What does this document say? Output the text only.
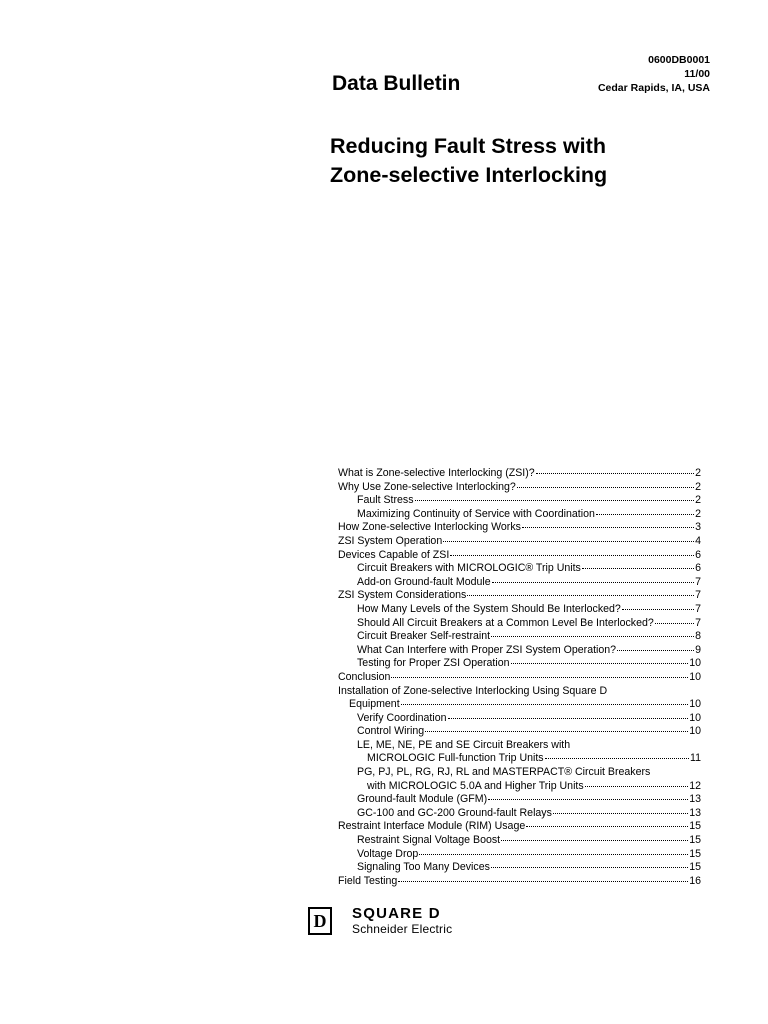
0600DB0001
11/00
Cedar Rapids, IA, USA
Data Bulletin
Reducing Fault Stress with
Zone-selective Interlocking
What is Zone-selective Interlocking (ZSI)?	2
Why Use Zone-selective Interlocking?	2
Fault Stress	2
Maximizing Continuity of Service with Coordination	2
How Zone-selective Interlocking Works	3
ZSI System Operation	4
Devices Capable of ZSI	6
Circuit Breakers with MICROLOGIC® Trip Units	6
Add-on Ground-fault Module	7
ZSI System Considerations	7
How Many Levels of the System Should Be Interlocked?	7
Should All Circuit Breakers at a Common Level Be Interlocked?	7
Circuit Breaker Self-restraint	8
What Can Interfere with Proper ZSI System Operation?	9
Testing for Proper ZSI Operation	10
Conclusion	10
Installation of Zone-selective Interlocking Using Square D
Equipment	10
Verify Coordination	10
Control Wiring	10
LE, ME, NE, PE and SE Circuit Breakers with
MICROLOGIC Full-function Trip Units	11
PG, PJ, PL, RG, RJ, RL and MASTERPACT® Circuit Breakers
with MICROLOGIC 5.0A and Higher Trip Units	12
Ground-fault Module (GFM)	13
GC-100 and GC-200 Ground-fault Relays	13
Restraint Interface Module (RIM) Usage	15
Restraint Signal Voltage Boost	15
Voltage Drop	15
Signaling Too Many Devices	15
Field Testing	16
D SQUARE D
Schneider Electric
